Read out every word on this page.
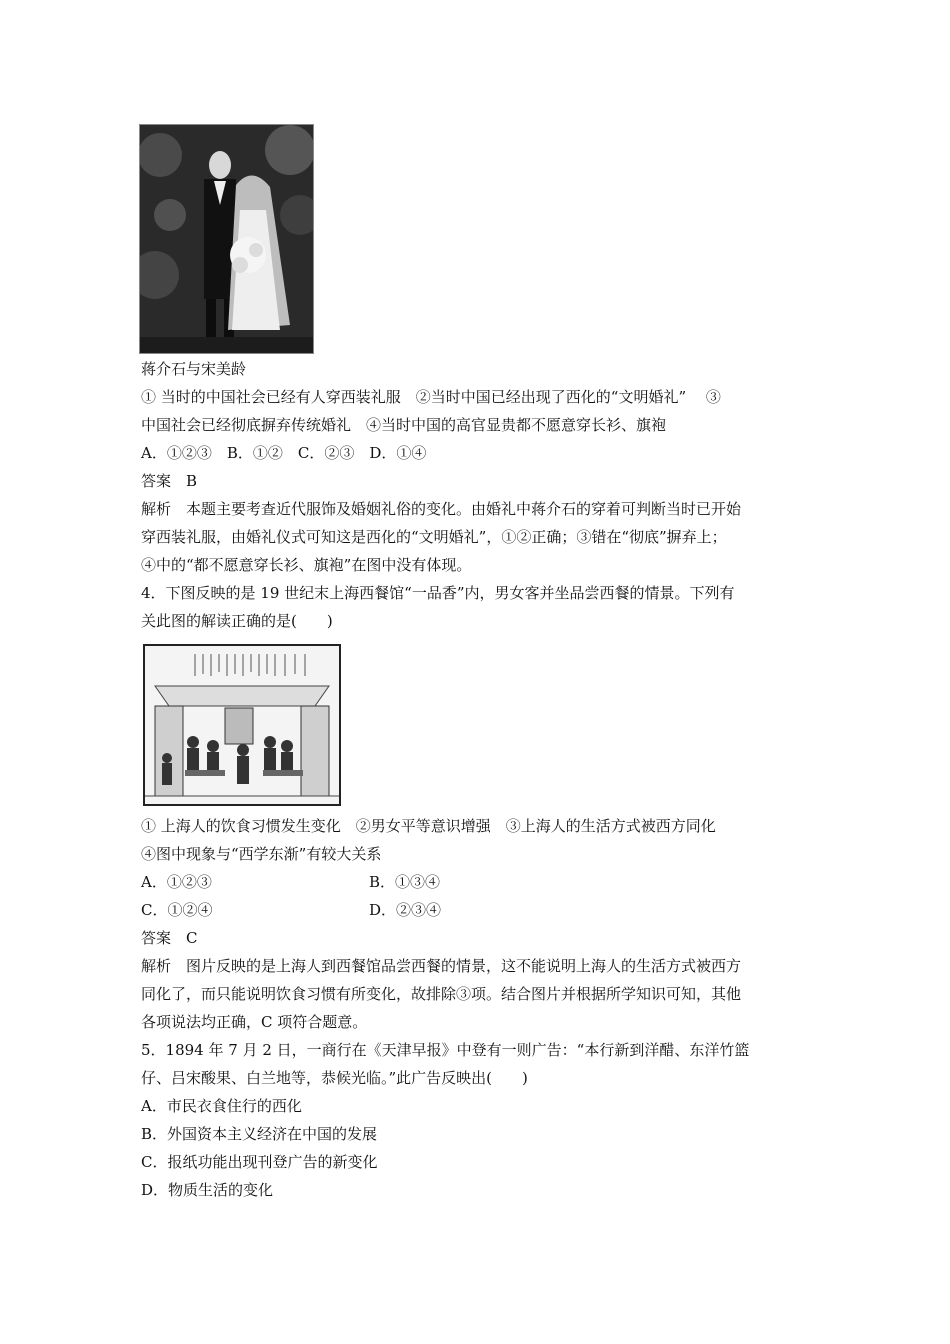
蒋介石与宋美龄
① 当时的中国社会已经有人穿西装礼服　②当时中国已经出现了西化的“文明婚礼”　 ③
中国社会已经彻底摒弃传统婚礼　④当时中国的高官显贵都不愿意穿长衫、旗袍
A．①②③　B．①②　C．②③　D．①④
答案　B
解析　本题主要考查近代服饰及婚姻礼俗的变化。由婚礼中蒋介石的穿着可判断当时已开始
穿西装礼服，由婚礼仪式可知这是西化的“文明婚礼”，①②正确；③错在“彻底”摒弃上；
④中的“都不愿意穿长衫、旗袍”在图中没有体现。
4．下图反映的是 19 世纪末上海西餐馆“一品香”内，男女客并坐品尝西餐的情景。下列有
关此图的解读正确的是(　　)
① 上海人的饮食习惯发生变化　②男女平等意识增强　③上海人的生活方式被西方同化
④图中现象与“西学东渐”有较大关系
A．①②③	B．①③④
C．①②④	D．②③④
答案　C
解析　图片反映的是上海人到西餐馆品尝西餐的情景，这不能说明上海人的生活方式被西方
同化了，而只能说明饮食习惯有所变化，故排除③项。结合图片并根据所学知识可知，其他
各项说法均正确，C 项符合题意。
5．1894 年 7 月 2 日，一商行在《天津早报》中登有一则广告：“本行新到洋醋、东洋竹篮
仔、吕宋酸果、白兰地等，恭候光临。”此广告反映出(　　)
A．市民衣食住行的西化
B．外国资本主义经济在中国的发展
C．报纸功能出现刊登广告的新变化
D．物质生活的变化
